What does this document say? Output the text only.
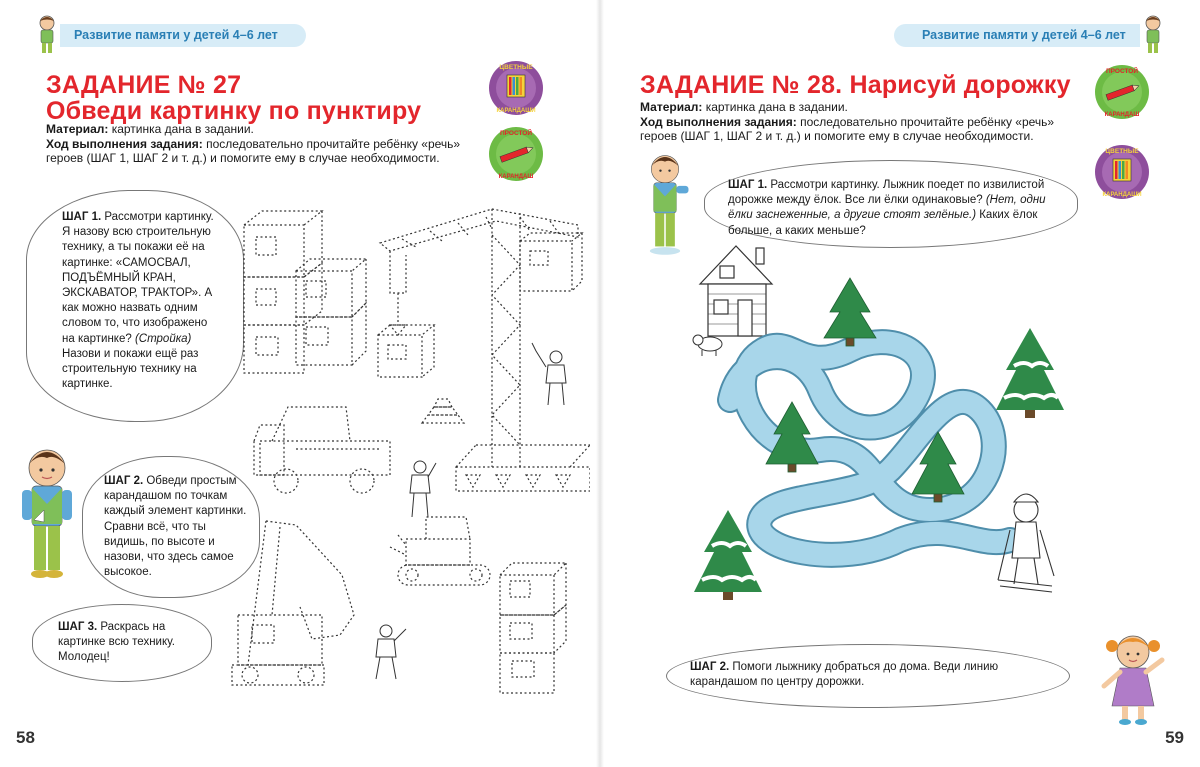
Развитие памяти у детей 4–6 лет
ЗАДАНИЕ № 27
Обведи картинку по пунктиру
Материал: картинка дана в задании.
Ход выполнения задания: последовательно прочитайте ребёнку «речь» героев (ШАГ 1, ШАГ 2 и т. д.) и помогите ему в случае необходимости.
ЦВЕТНЫЕ
КАРАНДАШИ
ПРОСТОЙ
КАРАНДАШ
ШАГ 1. Рассмотри картинку. Я назову всю строительную технику, а ты покажи её на картинке: «САМОСВАЛ, ПОДЪЁМНЫЙ КРАН, ЭКСКАВАТОР, ТРАКТОР». А как можно назвать одним словом то, что изображено на картинке? (Стройка) Назови и покажи ещё раз строительную технику на картинке.
ШАГ 2. Обведи простым карандашом по точкам каждый элемент картинки. Сравни всё, что ты видишь, по высоте и назови, что здесь самое высокое.
ШАГ 3. Раскрась на картинке всю технику. Молодец!
58
Развитие памяти у детей 4–6 лет
ЗАДАНИЕ № 28. Нарисуй дорожку
Материал: картинка дана в задании.
Ход выполнения задания: последовательно прочитайте ребёнку «речь» героев (ШАГ 1, ШАГ 2 и т. д.) и помогите ему в случае необходимости.
ПРОСТОЙ
КАРАНДАШ
ЦВЕТНЫЕ
КАРАНДАШИ
ШАГ 1. Рассмотри картинку. Лыжник поедет по извилистой дорожке между ёлок. Все ли ёлки одинаковые? (Нет, одни ёлки заснеженные, а другие стоят зелёные.) Каких ёлок больше, а каких меньше?
ШАГ 2. Помоги лыжнику добраться до дома. Веди линию карандашом по центру дорожки.
59
